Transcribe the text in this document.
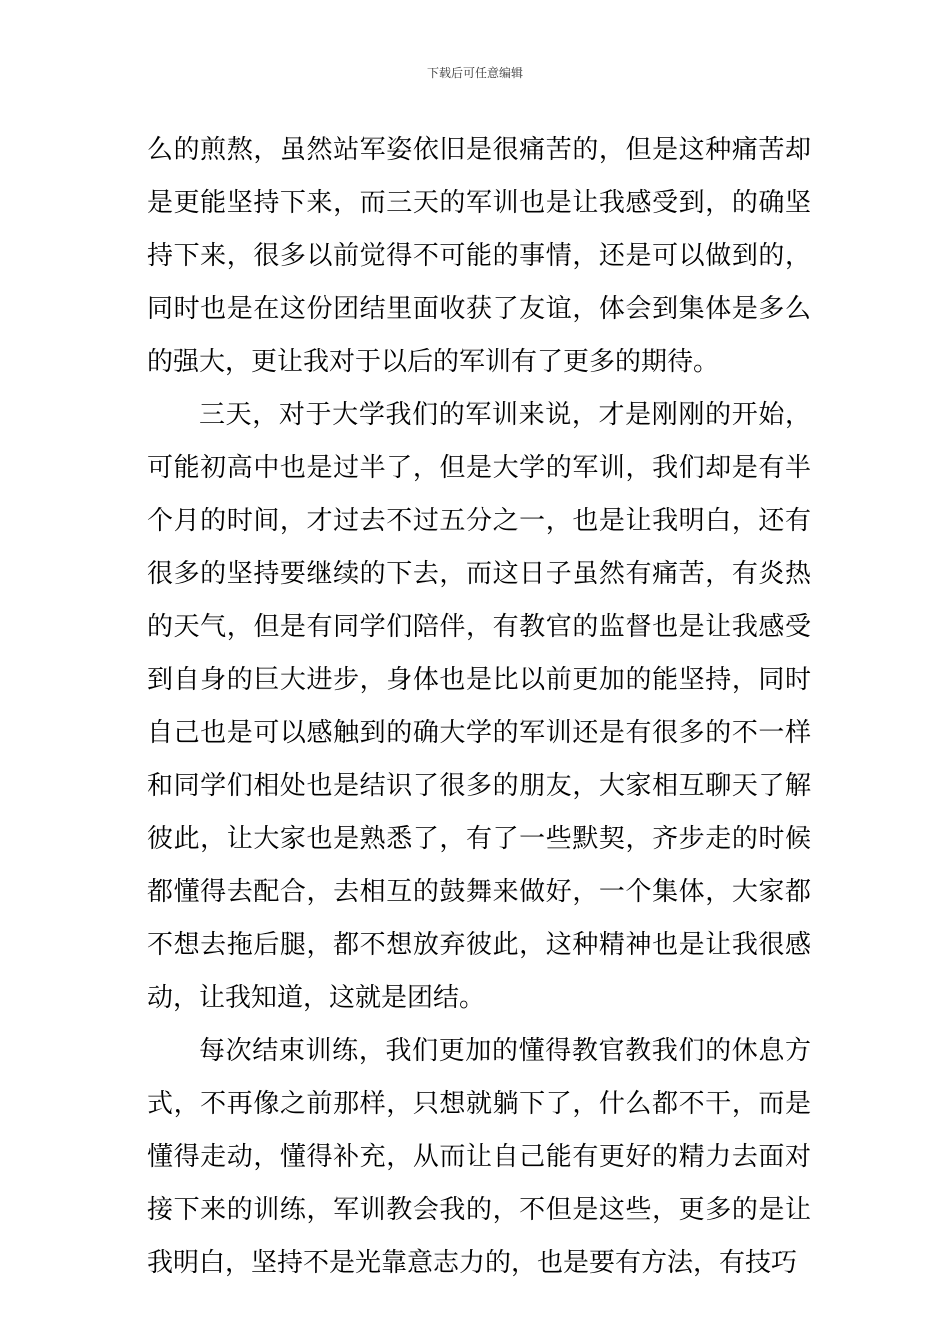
下载后可任意编辑

么的煎熬，虽然站军姿依旧是很痛苦的，但是这种痛苦却是更能坚持下来，而三天的军训也是让我感受到，的确坚持下来，很多以前觉得不可能的事情，还是可以做到的，同时也是在这份团结里面收获了友谊，体会到集体是多么的强大，更让我对于以后的军训有了更多的期待。

三天，对于大学我们的军训来说，才是刚刚的开始，可能初高中也是过半了，但是大学的军训，我们却是有半个月的时间，才过去不过五分之一，也是让我明白，还有很多的坚持要继续的下去，而这日子虽然有痛苦，有炎热的天气，但是有同学们陪伴，有教官的监督也是让我感受到自身的巨大进步，身体也是比以前更加的能坚持，同时自己也是可以感触到的确大学的军训还是有很多的不一样和同学们相处也是结识了很多的朋友，大家相互聊天了解彼此，让大家也是熟悉了，有了一些默契，齐步走的时候都懂得去配合，去相互的鼓舞来做好，一个集体，大家都不想去拖后腿，都不想放弃彼此，这种精神也是让我很感动，让我知道，这就是团结。

每次结束训练，我们更加的懂得教官教我们的休息方式，不再像之前那样，只想就躺下了，什么都不干，而是懂得走动，懂得补充，从而让自己能有更好的精力去面对接下来的训练，军训教会我的，不但是这些，更多的是让我明白，坚持不是光靠意志力的，也是要有方法，有技巧
